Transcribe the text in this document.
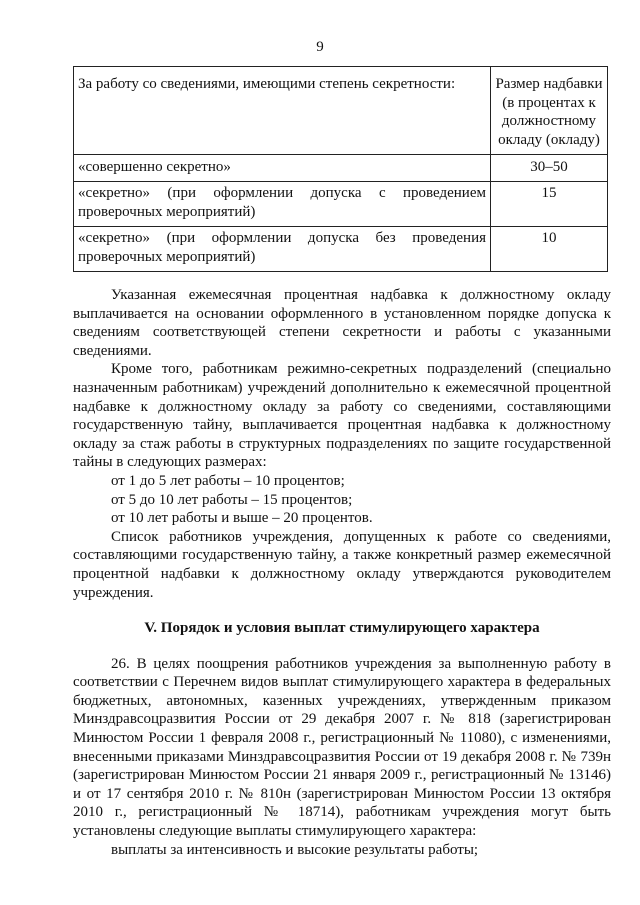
9
За работу со сведениями, имеющими степень секретности:	Размер надбавки (в процентах к должностному окладу (окладу)
«совершенно секретно»	30–50
«секретно» (при оформлении допуска с проведением проверочных мероприятий)	15
«секретно» (при оформлении допуска без проведения проверочных мероприятий)	10

Указанная ежемесячная процентная надбавка к должностному окладу выплачивается на основании оформленного в установленном порядке допуска к сведениям соответствующей степени секретности и работы с указанными сведениями.

Кроме того, работникам режимно-секретных подразделений (специально назначенным работникам) учреждений дополнительно к ежемесячной процентной надбавке к должностному окладу за работу со сведениями, составляющими государственную тайну, выплачивается процентная надбавка к должностному окладу за стаж работы в структурных подразделениях по защите государственной тайны в следующих размерах:

от 1 до 5 лет работы – 10 процентов;

от 5 до 10 лет работы – 15 процентов;

от 10 лет работы и выше – 20 процентов.

Список работников учреждения, допущенных к работе со сведениями, составляющими государственную тайну, а также конкретный размер ежемесячной процентной надбавки к должностному окладу утверждаются руководителем учреждения.

V. Порядок и условия выплат стимулирующего характера

26. В целях поощрения работников учреждения за выполненную работу в соответствии с Перечнем видов выплат стимулирующего характера в федеральных бюджетных, автономных, казенных учреждениях, утвержденным приказом Минздравсоцразвития России от 29 декабря 2007 г. № 818 (зарегистрирован Минюстом России 1 февраля 2008 г., регистрационный № 11080), с изменениями, внесенными приказами Минздравсоцразвития России от 19 декабря 2008 г. № 739н (зарегистрирован Минюстом России 21 января 2009 г., регистрационный № 13146) и от 17 сентября 2010 г. № 810н (зарегистрирован Минюстом России 13 октября 2010 г., регистрационный № 18714), работникам учреждения могут быть установлены следующие выплаты стимулирующего характера:

выплаты за интенсивность и высокие результаты работы;
